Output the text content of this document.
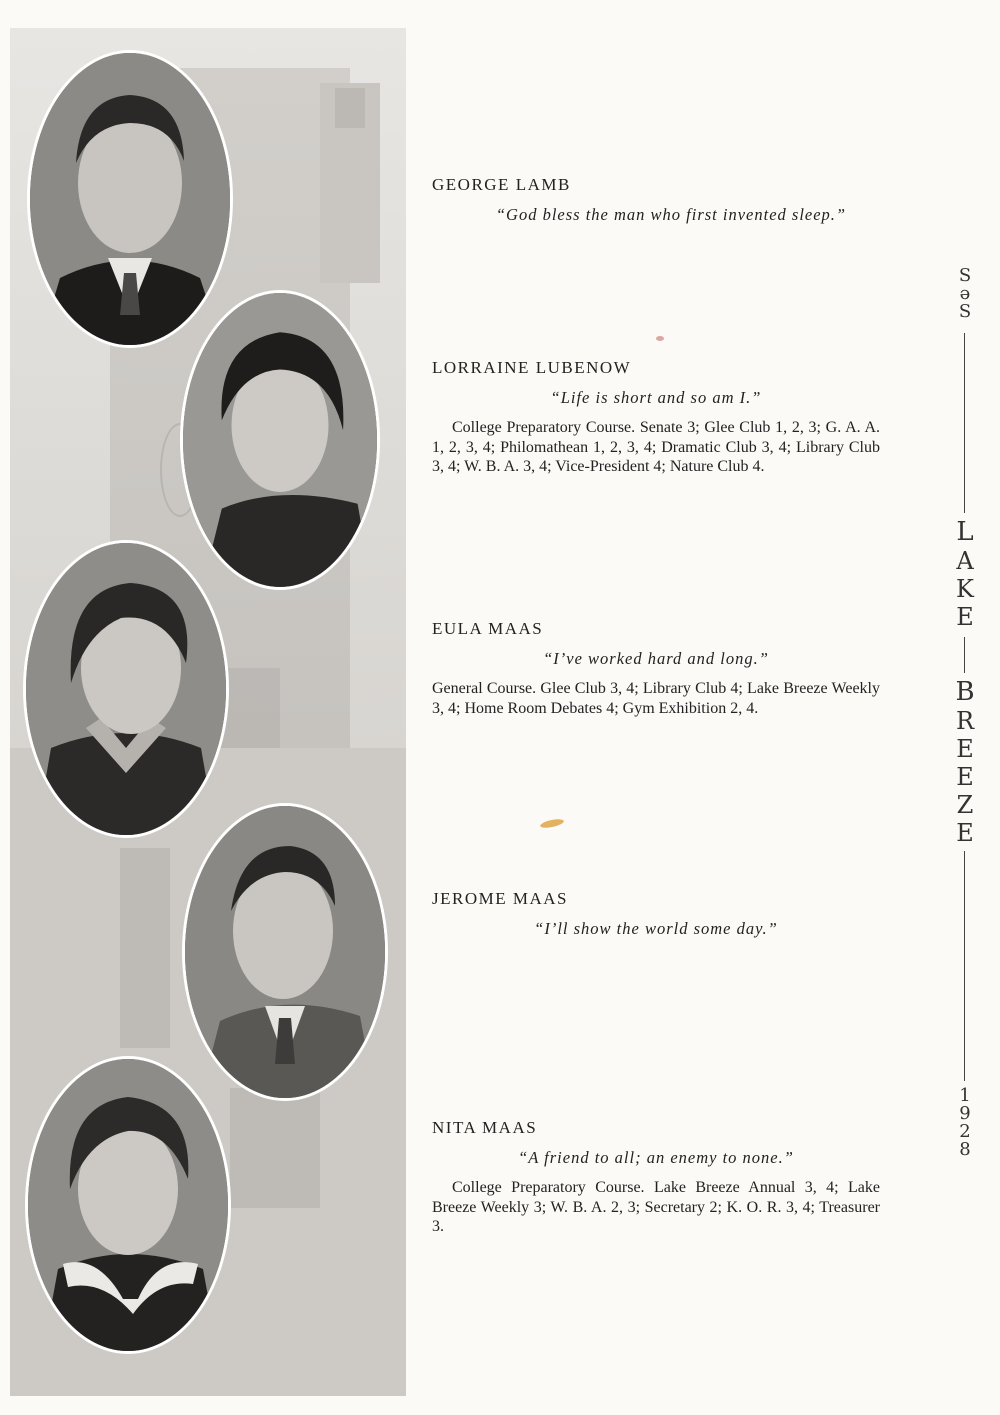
GEORGE LAMB

“God bless the man who first invented sleep.”

LORRAINE LUBENOW

“Life is short and so am I.”

College Preparatory Course. Senate 3; Glee Club 1, 2, 3; G. A. A. 1, 2, 3, 4; Philomathean 1, 2, 3, 4; Dramatic Club 3, 4; Library Club 3, 4; W. B. A. 3, 4; Vice-President 4; Nature Club 4.

EULA MAAS

“I’ve worked hard and long.”

General Course. Glee Club 3, 4; Library Club 4; Lake Breeze Weekly 3, 4; Home Room Debates 4; Gym Exhibition 2, 4.

JEROME MAAS

“I’ll show the world some day.”

NITA MAAS

“A friend to all; an enemy to none.”

College Preparatory Course. Lake Breeze Annual 3, 4; Lake Breeze Weekly 3; W. B. A. 2, 3; Secretary 2; K. O. R. 3, 4; Treasurer 3.

S
ə
S
L
A
K
E
B
R
E
E
Z
E
1
9
2
8
